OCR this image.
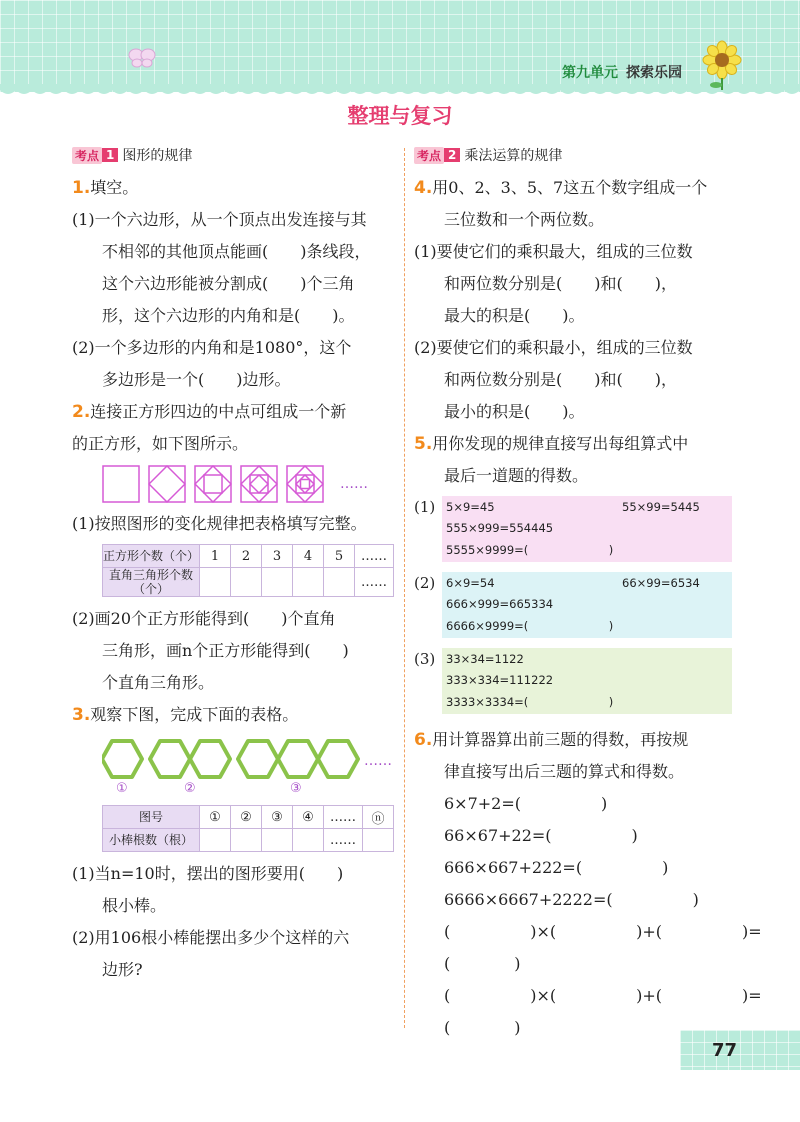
第九单元 探索乐园
整理与复习
考点 1 图形的规律
1.填空。
(1)一个六边形，从一个顶点出发连接与其
不相邻的其他顶点能画(　　)条线段，
这个六边形能被分割成(　　)个三角
形，这个六边形的内角和是(　　)。
(2)一个多边形的内角和是1080°，这个
多边形是一个(　　)边形。
2.连接正方形四边的中点可组成一个新
的正方形，如下图所示。
……
(1)按照图形的变化规律把表格填写完整。
正方形个数（个）	1	2	3	4	5	……
直角三角形个数（个）						……
(2)画20个正方形能得到(　　)个直角
三角形，画n个正方形能得到(　　)
个直角三角形。
3.观察下图，完成下面的表格。
……
①	②	③
图号	①	②	③	④	……	ⓝ
小棒根数（根）					……	
(1)当n=10时，摆出的图形要用(　　)
根小棒。
(2)用106根小棒能摆出多少个这样的六
边形?
考点 2 乘法运算的规律
4.用0、2、3、5、7这五个数字组成一个
三位数和一个两位数。
(1)要使它们的乘积最大，组成的三位数
和两位数分别是(　　)和(　　)，
最大的积是(　　)。
(2)要使它们的乘积最小，组成的三位数
和两位数分别是(　　)和(　　)，
最小的积是(　　)。
5.用你发现的规律直接写出每组算式中
最后一道题的得数。
(1) 5×9=45	55×99=5445
555×999=554445
5555×9999=(　　　　　　　)
(2) 6×9=54	66×99=6534
666×999=665334
6666×9999=(　　　　　　　)
(3) 33×34=1122
333×334=111222
3333×3334=(　　　　　　　)
6.用计算器算出前三题的得数，再按规
律直接写出后三题的算式和得数。
6×7+2=(　　　　　)
66×67+22=(　　　　　)
666×667+222=(　　　　　)
6666×6667+2222=(　　　　　)
(　　　　　)×(　　　　　)+(　　　　　)=
(　　　　)
(　　　　　)×(　　　　　)+(　　　　　)=
(　　　　)
77
